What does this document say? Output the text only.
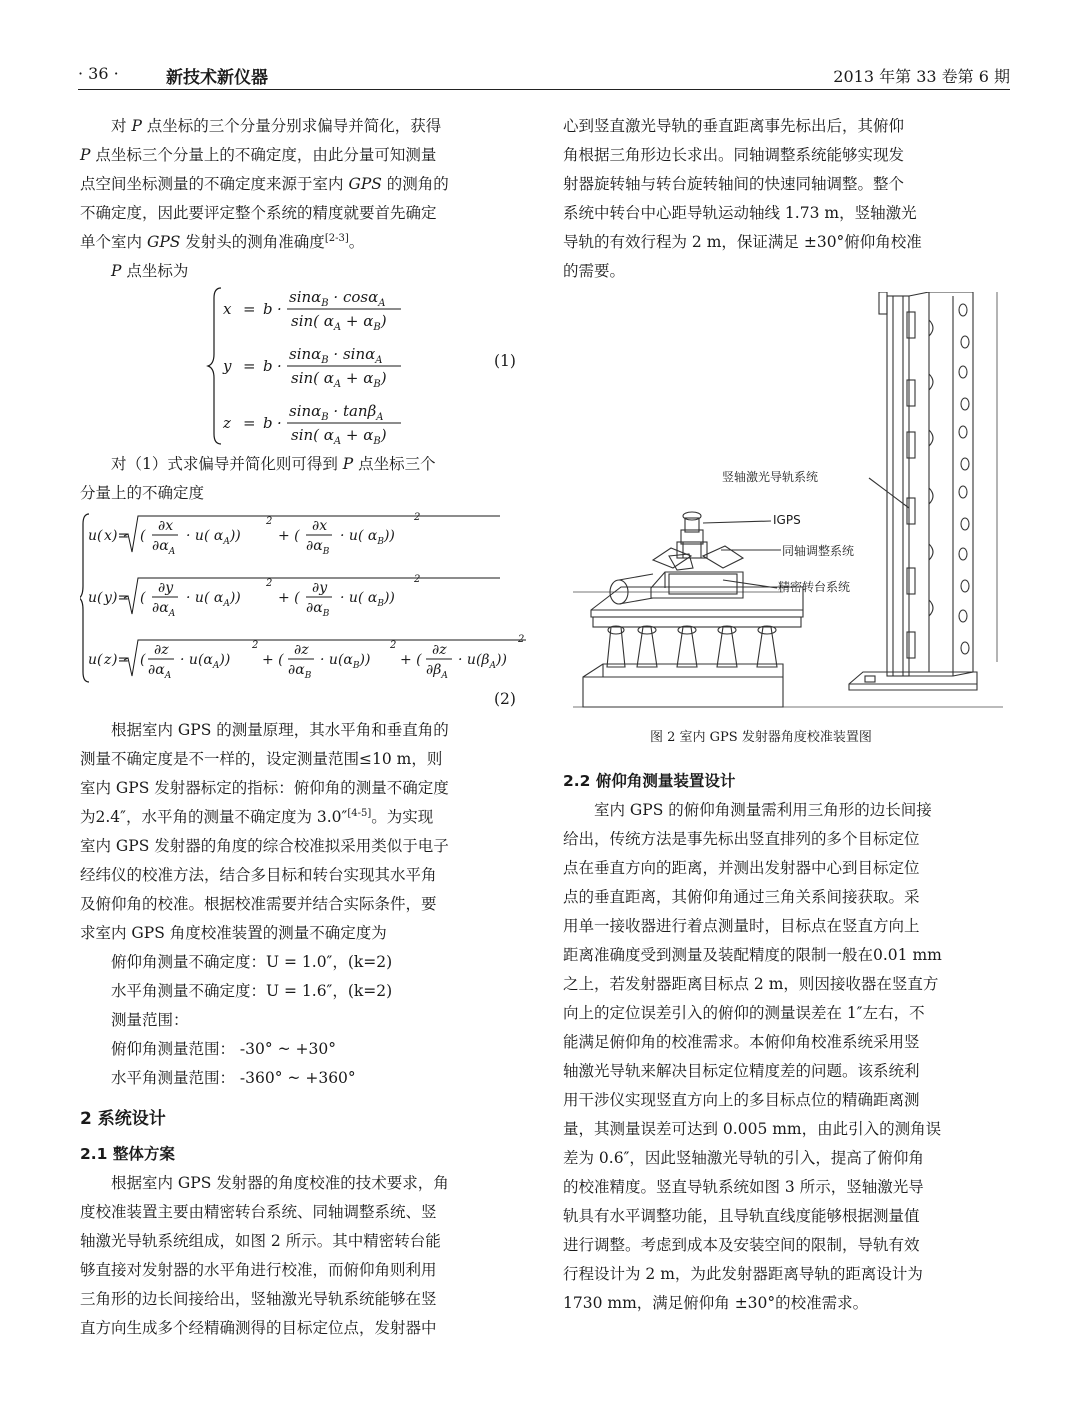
· 36 ·	新技术新仪器	2013 年第 33 卷第 6 期

对 P 点坐标的三个分量分别求偏导并简化，获得

P 点坐标三个分量上的不确定度，由此分量可知测量

点空间坐标测量的不确定度来源于室内 GPS 的测角的

不确定度，因此要评定整个系统的精度就要首先确定

单个室内 GPS 发射头的测角准确度[2-3]。

P 点坐标为

x = b ·
sinα$_B$ · cosα$_A$
sin( $\alpha_A + \alpha_B$)
y = b ·
sinα$_B$ · sinα$_A$
sin( $\alpha_A + \alpha_B$)
z = b ·
sinα$_B$ · tanβ$_A$
sin( $\alpha_A + \alpha_B$)
(1)

对（1）式求偏导并简化则可得到 P 点坐标三个

分量上的不确定度

u ( x )= (
∂x
$\partial\alpha_A$
· u( $\alpha_A$))
2
+ (
∂x
$\partial\alpha_B$
· u( $\alpha_B$))
2
u ( y )= (
∂y
$\partial\alpha_A$
· u( $\alpha_A$))
2
+ (
∂y
$\partial\alpha_B$
· u( $\alpha_B$))
2
u ( z )= (
∂z
$\partial\alpha_A$
· $u(\alpha_A)$)
2
+ (
∂z
$\partial\alpha_B$
· $u(\alpha_B)$)
2
+ (
∂z
$\partial\beta_A$
· $u(\beta_A)$)
2
(2)

根据室内 GPS 的测量原理，其水平角和垂直角的

测量不确定度是不一样的，设定测量范围≤10 m，则

室内 GPS 发射器标定的指标：俯仰角的测量不确定度

为2.4″，水平角的测量不确定度为 3.0″[4-5]。为实现

室内 GPS 发射器的角度的综合校准拟采用类似于电子

经纬仪的校准方法，结合多目标和转台实现其水平角

及俯仰角的校准。根据校准需要并结合实际条件，要

求室内 GPS 角度校准装置的测量不确定度为

俯仰角测量不确定度：U = 1.0″，(k=2)

水平角测量不确定度：U = 1.6″，(k=2)

测量范围：

俯仰角测量范围： -30° ~ +30°

水平角测量范围： -360° ~ +360°

2 系统设计

2.1 整体方案

根据室内 GPS 发射器的角度校准的技术要求，角

度校准装置主要由精密转台系统、同轴调整系统、竖

轴激光导轨系统组成，如图 2 所示。其中精密转台能

够直接对发射器的水平角进行校准，而俯仰角则利用

三角形的边长间接给出，竖轴激光导轨系统能够在竖

直方向生成多个经精确测得的目标定位点，发射器中

心到竖直激光导轨的垂直距离事先标出后，其俯仰

角根据三角形边长求出。同轴调整系统能够实现发

射器旋转轴与转台旋转轴间的快速同轴调整。整个

系统中转台中心距导轨运动轴线 1.73 m，竖轴激光

导轨的有效行程为 2 m，保证满足 ±30°俯仰角校准

的需要。

竖轴激光导轨系统
IGPS
同轴调整系统
精密转台系统
图 2 室内 GPS 发射器角度校准装置图

2.2 俯仰角测量装置设计

室内 GPS 的俯仰角测量需利用三角形的边长间接

给出，传统方法是事先标出竖直排列的多个目标定位

点在垂直方向的距离，并测出发射器中心到目标定位

点的垂直距离，其俯仰角通过三角关系间接获取。采

用单一接收器进行着点测量时，目标点在竖直方向上

距离准确度受到测量及装配精度的限制一般在0.01 mm

之上，若发射器距离目标点 2 m，则因接收器在竖直方

向上的定位误差引入的俯仰的测量误差在 1″左右，不

能满足俯仰角的校准需求。本俯仰角校准系统采用竖

轴激光导轨来解决目标定位精度差的问题。该系统利

用干涉仪实现竖直方向上的多目标点位的精确距离测

量，其测量误差可达到 0.005 mm，由此引入的测角误

差为 0.6″，因此竖轴激光导轨的引入，提高了俯仰角

的校准精度。竖直导轨系统如图 3 所示，竖轴激光导

轨具有水平调整功能，且导轨直线度能够根据测量值

进行调整。考虑到成本及安装空间的限制，导轨有效

行程设计为 2 m，为此发射器距离导轨的距离设计为

1730 mm，满足俯仰角 ±30°的校准需求。
